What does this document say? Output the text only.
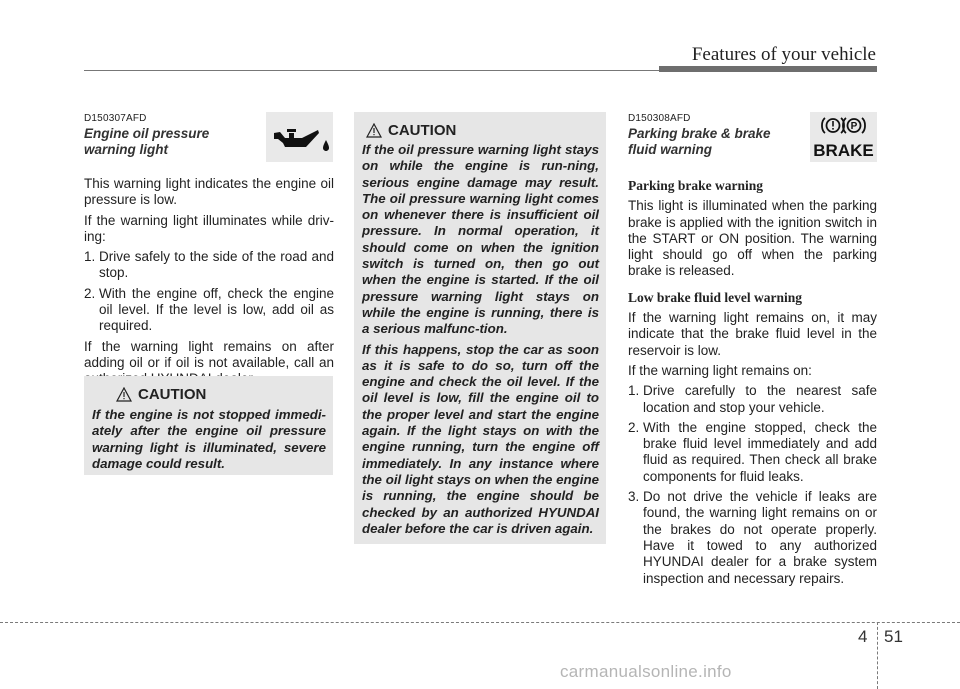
Features of your vehicle
D150307AFD
Engine oil pressure warning light

This warning light indicates the engine oil pressure is low.

If the warning light illuminates while driv-ing:

1. Drive safely to the side of the road and stop.
2. With the engine off, check the engine oil level. If the level is low, add oil as required.

If the warning light remains on after adding oil or if oil is not available, call an

CAUTION

If the engine is not stopped immedi-ately after the engine oil pressure warning light is illuminated, severe damage could result.

CAUTION

If the oil pressure warning light stays on while the engine is run-ning, serious engine damage may result. The oil pressure warning light comes on whenever there is insufficient oil pressure. In normal operation, it should come on when the ignition switch is turned on, then go out when the engine is started. If the oil pressure warning light stays on while the engine is running, there is a serious malfunc-tion.

If this happens, stop the car as soon as it is safe to do so, turn off the engine and check the oil level. If the oil level is low, fill the engine oil to the proper level and start the engine again. If the light stays on with the engine running, turn the engine off immediately. In any instance where the oil light stays on when the engine is running, the engine should be checked by an authorized HYUNDAI dealer before the car is driven again.

D150308AFD
Parking brake & brake fluid warning
P
BRAKE
Parking brake warning

This light is illuminated when the parking brake is applied with the ignition switch in the START or ON position. The warning light should go off when the parking brake is released.

Low brake fluid level warning

If the warning light remains on, it may indicate that the brake fluid level in the reservoir is low.

If the warning light remains on:

1. Drive carefully to the nearest safe location and stop your vehicle.
2. With the engine stopped, check the brake fluid level immediately and add fluid as required. Then check all brake components for fluid leaks.
3. Do not drive the vehicle if leaks are found, the warning light remains on or the brakes do not operate properly. Have it towed to any authorized HYUNDAI dealer for a brake system inspection and necessary repairs.
4 51
carmanualsonline.info
